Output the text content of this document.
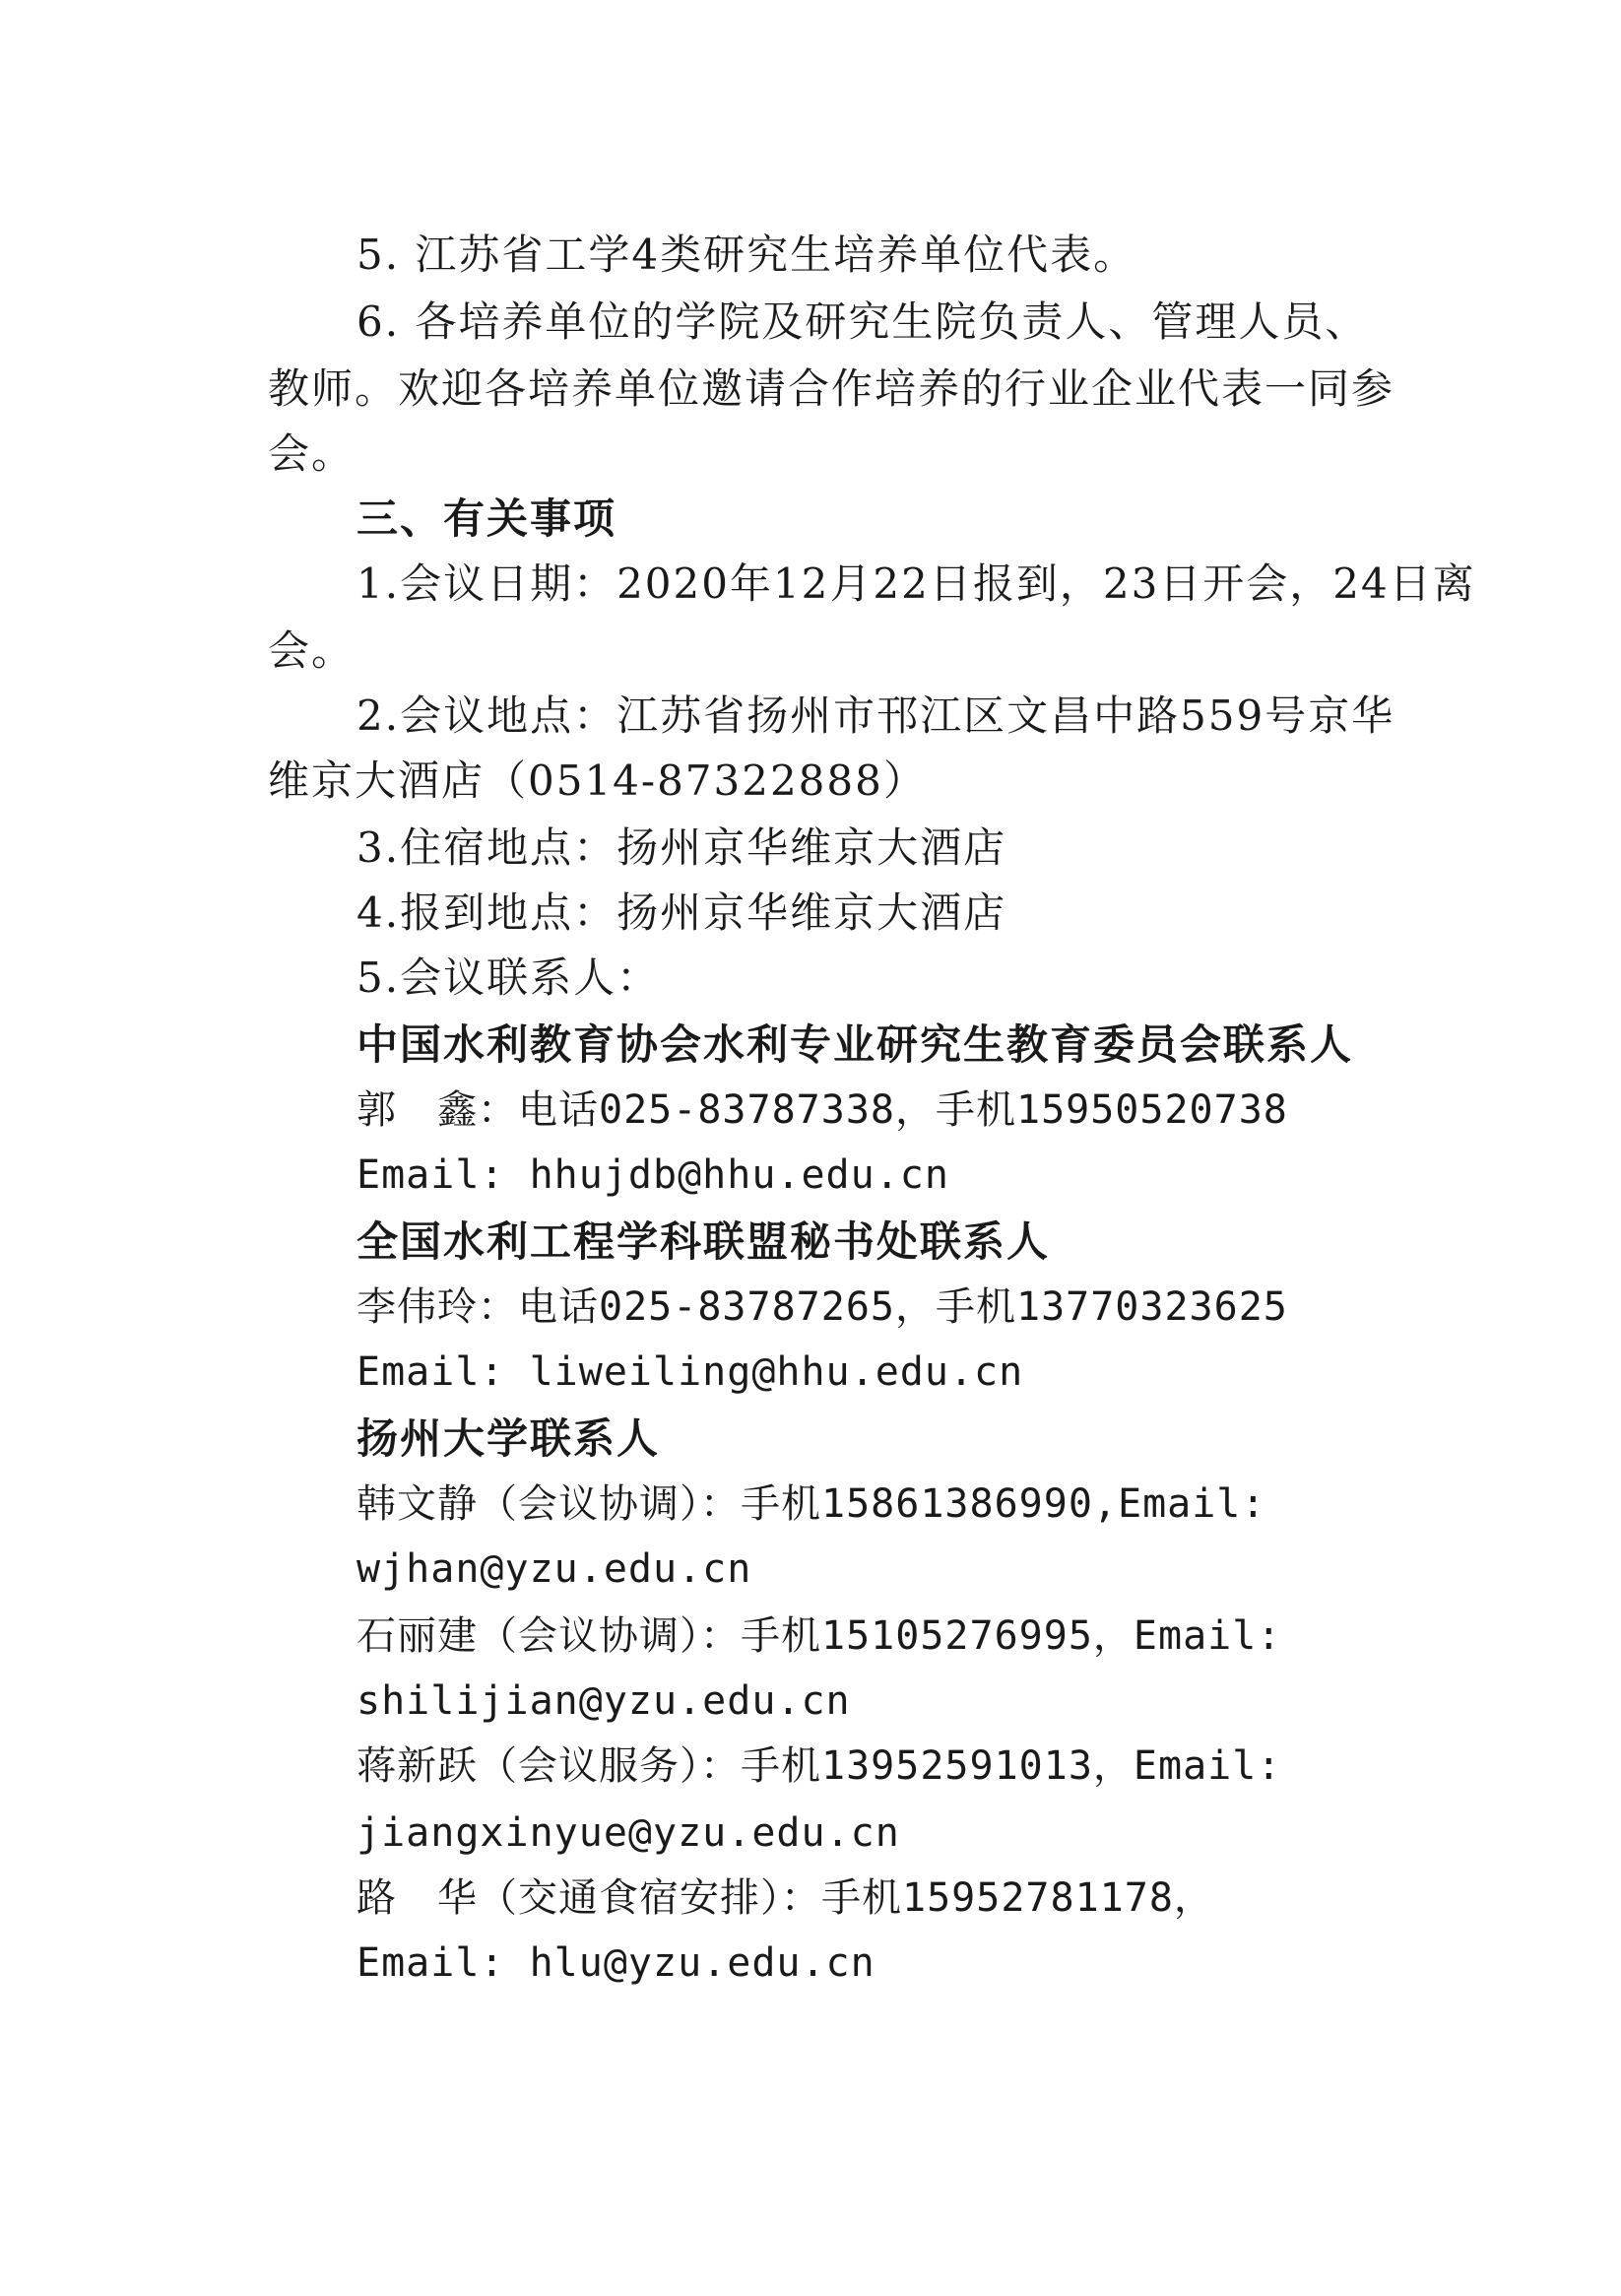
5. 江苏省工学4类研究生培养单位代表。
6. 各培养单位的学院及研究生院负责人、管理人员、
教师。欢迎各培养单位邀请合作培养的行业企业代表一同参
会。
三、有关事项
1.会议日期：2020年12月22日报到，23日开会，24日离
会。
2.会议地点：江苏省扬州市邗江区文昌中路559号京华
维京大酒店（0514-87322888）
3.住宿地点：扬州京华维京大酒店
4.报到地点：扬州京华维京大酒店
5.会议联系人：
中国水利教育协会水利专业研究生教育委员会联系人
郭　鑫：电话025-83787338，手机15950520738
Email: hhujdb@hhu.edu.cn
全国水利工程学科联盟秘书处联系人
李伟玲：电话025-83787265，手机13770323625
Email: liweiling@hhu.edu.cn
扬州大学联系人
韩文静（会议协调）：手机15861386990,Email:
wjhan@yzu.edu.cn
石丽建（会议协调）：手机15105276995，Email:
shilijian@yzu.edu.cn
蒋新跃（会议服务）：手机13952591013，Email:
jiangxinyue@yzu.edu.cn
路　华（交通食宿安排）：手机15952781178，
Email: hlu@yzu.edu.cn
